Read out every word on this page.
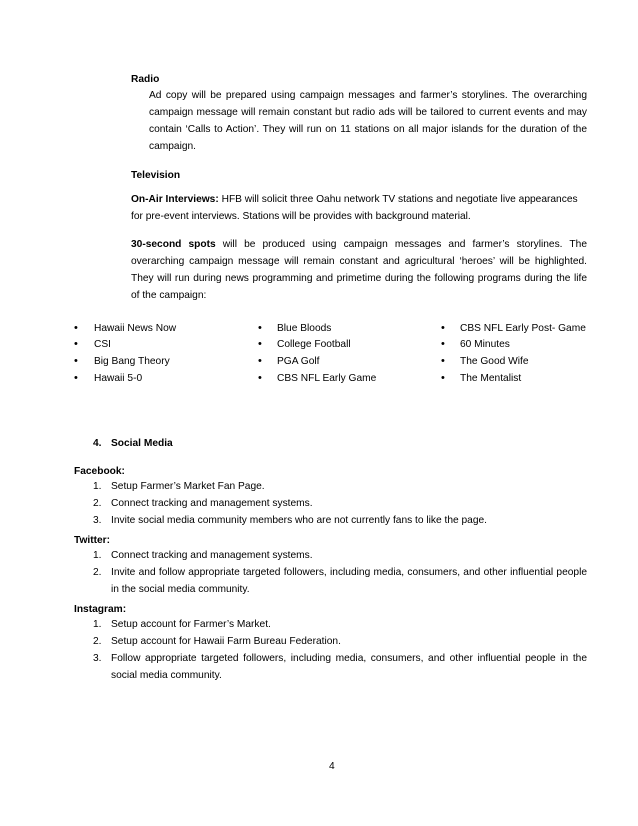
Radio
Ad copy will be prepared using campaign messages and farmer’s storylines. The overarching campaign message will remain constant but radio ads will be tailored to current events and may contain ‘Calls to Action’. They will run on 11 stations on all major islands for the duration of the campaign.
Television
On-Air Interviews: HFB will solicit three Oahu network TV stations and negotiate live appearances for pre-event interviews. Stations will be provides with background material.
30-second spots will be produced using campaign messages and farmer’s storylines. The overarching campaign message will remain constant and agricultural ‘heroes’ will be highlighted. They will run during news programming and primetime during the following programs during the life of the campaign:
• Hawaii News Now
• CSI
• Big Bang Theory
• Hawaii 5-0
• Blue Bloods
• College Football
• PGA Golf
• CBS NFL Early Game
• CBS NFL Early Post- Game
• 60 Minutes
• The Good Wife
• The Mentalist
4. Social Media
Facebook:
1. Setup Farmer’s Market Fan Page.
2. Connect tracking and management systems.
3. Invite social media community members who are not currently fans to like the page.
Twitter:
1. Connect tracking and management systems.
2. Invite and follow appropriate targeted followers, including media, consumers, and other influential people in the social media community.
Instagram:
1. Setup account for Farmer’s Market.
2. Setup account for Hawaii Farm Bureau Federation.
3. Follow appropriate targeted followers, including media, consumers, and other influential people in the social media community.
4
